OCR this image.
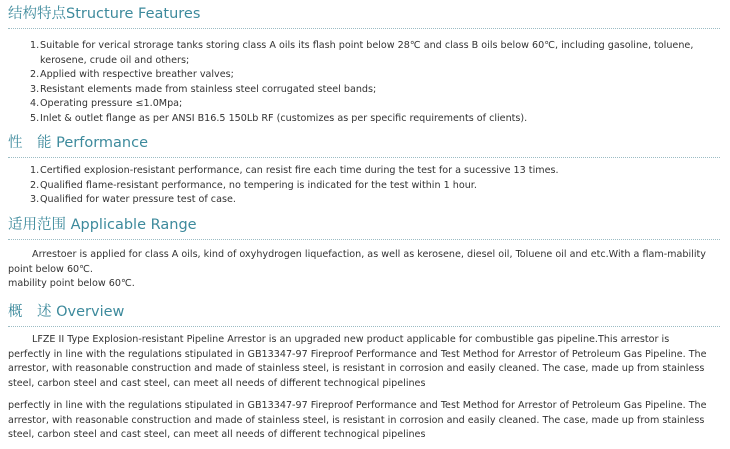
结构特点Structure Features
1. Suitable for verical strorage tanks storing class A oils its flash point below 28℃ and class B oils below 60℃, including gasoline, toluene, kerosene, crude oil and others;
2. Applied with respective breather valves;
3. Resistant elements made from stainless steel corrugated steel bands;
4. Operating pressure ≤1.0Mpa;
5. Inlet & outlet flange as per ANSI B16.5 150Lb RF (customizes as per specific requirements of clients).
性　能 Performance
1. Certified explosion-resistant performance, can resist fire each time during the test for a sucessive 13 times.
2. Qualified flame-resistant performance, no tempering is indicated for the test within 1 hour.
3. Qualified for water pressure test of case.
适用范围 Applicable Range

Arrestoer is applied for class A oils, kind of oxyhydrogen liquefaction, as well as kerosene, diesel oil, Toluene oil and etc.With a flam-mability point below 60℃.

mability point below 60℃.

概　述 Overview

LFZE II Type Explosion-resistant Pipeline Arrestor is an upgraded new product applicable for combustible gas pipeline.This arrestor is perfectly in line with the regulations stipulated in GB13347-97 Fireproof Performance and Test Method for Arrestor of Petroleum Gas Pipeline. The arrestor, with reasonable construction and made of stainless steel, is resistant in corrosion and easily cleaned. The case, made up from stainless steel, carbon steel and cast steel, can meet all needs of different technogical pipelines

perfectly in line with the regulations stipulated in GB13347-97 Fireproof Performance and Test Method for Arrestor of Petroleum Gas Pipeline. The arrestor, with reasonable construction and made of stainless steel, is resistant in corrosion and easily cleaned. The case, made up from stainless steel, carbon steel and cast steel, can meet all needs of different technogical pipelines
